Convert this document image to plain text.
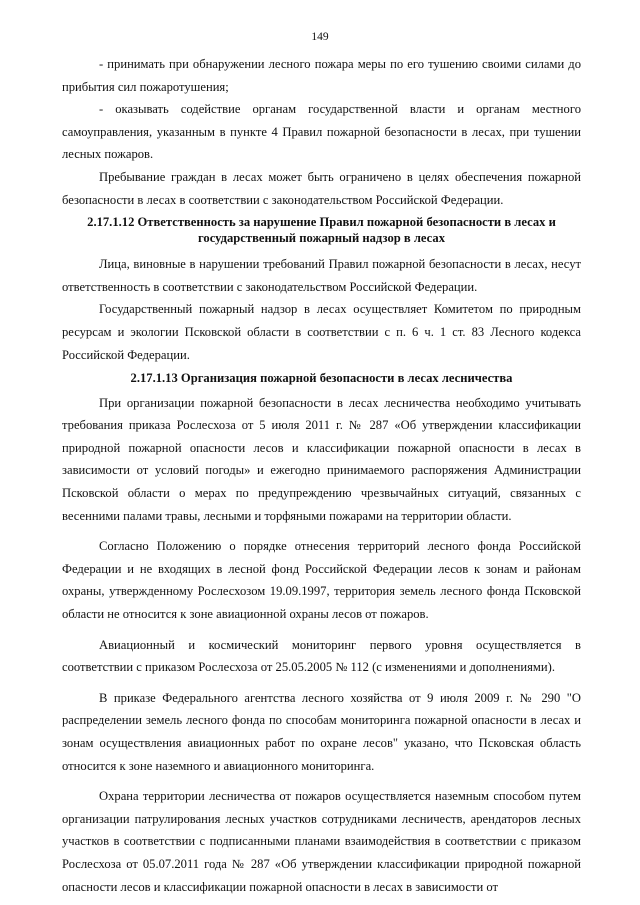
149

- принимать при обнаружении лесного пожара меры по его тушению своими силами до прибытия сил пожаротушения;

- оказывать содействие органам государственной власти и органам местного самоуправления, указанным в пункте 4 Правил пожарной безопасности в лесах, при тушении лесных пожаров.

Пребывание граждан в лесах может быть ограничено в целях обеспечения пожарной безопасности в лесах в соответствии с законодательством Российской Федерации.

2.17.1.12 Ответственность за нарушение Правил пожарной безопасности в лесах и государственный пожарный надзор в лесах

Лица, виновные в нарушении требований Правил пожарной безопасности в лесах, несут ответственность в соответствии с законодательством Российской Федерации.

Государственный пожарный надзор в лесах осуществляет Комитетом по природным ресурсам и экологии Псковской области в соответствии с п. 6 ч. 1 ст. 83 Лесного кодекса Российской Федерации.

2.17.1.13 Организация пожарной безопасности в лесах лесничества

При организации пожарной безопасности в лесах лесничества необходимо учитывать требования приказа Рослесхоза от 5 июля 2011 г. № 287 «Об утверждении классификации природной пожарной опасности лесов и классификации пожарной опасности в лесах в зависимости от условий погоды» и ежегодно принимаемого распоряжения Администрации Псковской области о мерах по предупреждению чрезвычайных ситуаций, связанных с весенними палами травы, лесными и торфяными пожарами на территории области.

Согласно Положению о порядке отнесения территорий лесного фонда Российской Федерации и не входящих в лесной фонд Российской Федерации лесов к зонам и районам охраны, утвержденному Рослесхозом 19.09.1997, территория земель лесного фонда Псковской области не относится к зоне авиационной охраны лесов от пожаров.

Авиационный и космический мониторинг первого уровня осуществляется в соответствии с приказом Рослесхоза от 25.05.2005 № 112 (с изменениями и дополнениями).

В приказе Федерального агентства лесного хозяйства от 9 июля 2009 г. № 290 "О распределении земель лесного фонда по способам мониторинга пожарной опасности в лесах и зонам осуществления авиационных работ по охране лесов" указано, что Псковская область относится к зоне наземного и авиационного мониторинга.

Охрана территории лесничества от пожаров осуществляется наземным способом путем организации патрулирования лесных участков сотрудниками лесничеств, арендаторов лесных участков в соответствии с подписанными планами взаимодействия в соответствии с приказом Рослесхоза от 05.07.2011 года № 287 «Об утверждении классификации природной пожарной опасности лесов и классификации пожарной опасности в лесах в зависимости от
